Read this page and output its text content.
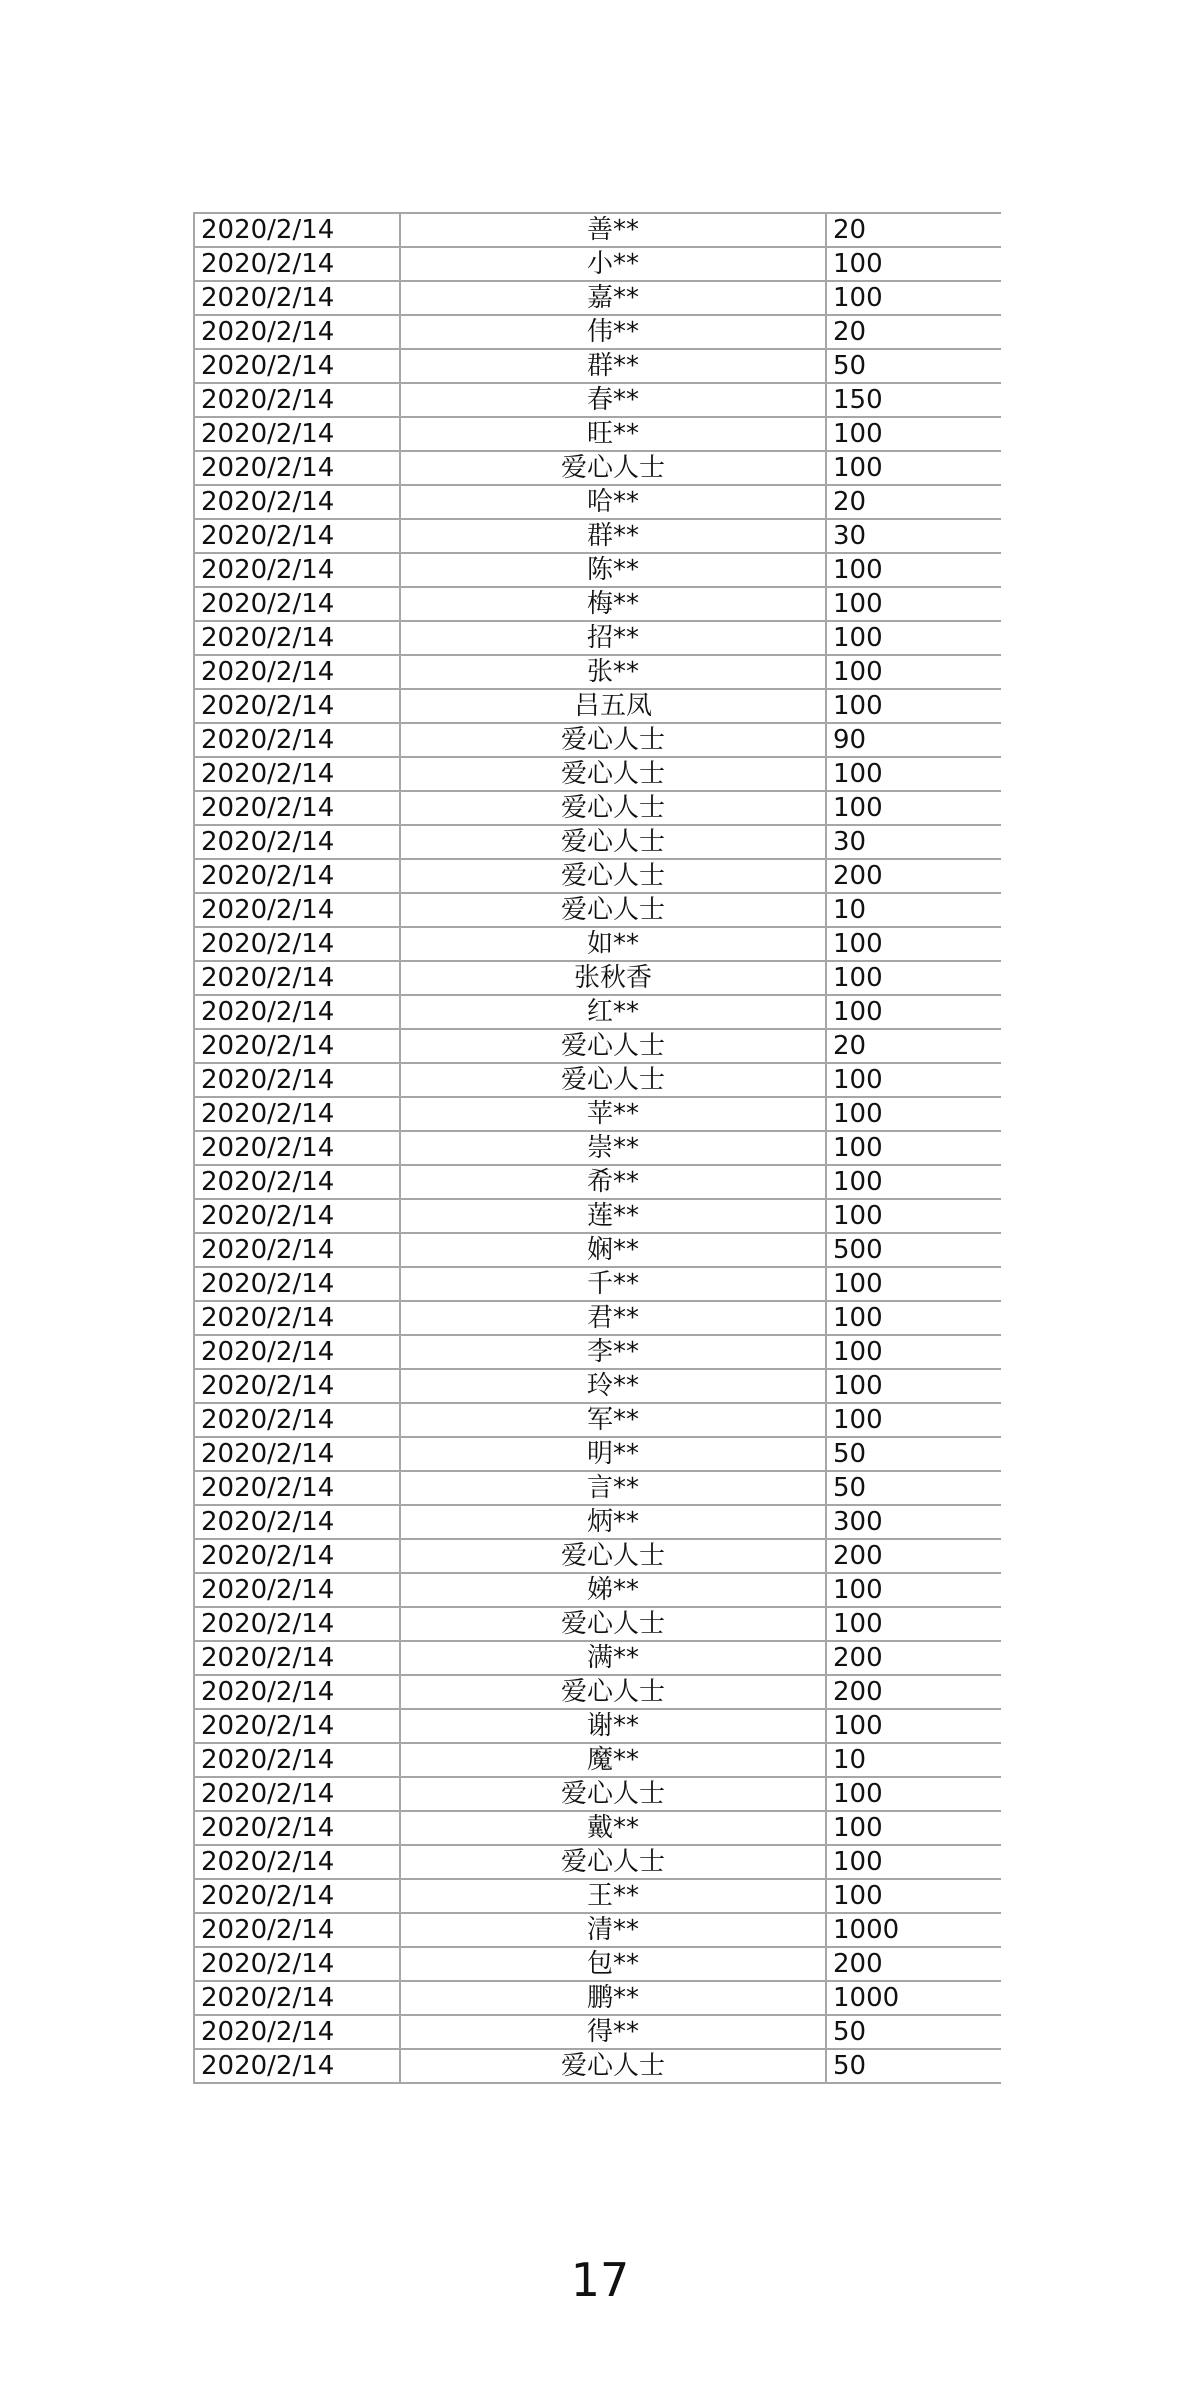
2020/2/14	善**	20
2020/2/14	小**	100
2020/2/14	嘉**	100
2020/2/14	伟**	20
2020/2/14	群**	50
2020/2/14	春**	150
2020/2/14	旺**	100
2020/2/14	爱心人士	100
2020/2/14	哈**	20
2020/2/14	群**	30
2020/2/14	陈**	100
2020/2/14	梅**	100
2020/2/14	招**	100
2020/2/14	张**	100
2020/2/14	吕五凤	100
2020/2/14	爱心人士	90
2020/2/14	爱心人士	100
2020/2/14	爱心人士	100
2020/2/14	爱心人士	30
2020/2/14	爱心人士	200
2020/2/14	爱心人士	10
2020/2/14	如**	100
2020/2/14	张秋香	100
2020/2/14	红**	100
2020/2/14	爱心人士	20
2020/2/14	爱心人士	100
2020/2/14	苹**	100
2020/2/14	崇**	100
2020/2/14	希**	100
2020/2/14	莲**	100
2020/2/14	娴**	500
2020/2/14	千**	100
2020/2/14	君**	100
2020/2/14	李**	100
2020/2/14	玲**	100
2020/2/14	军**	100
2020/2/14	明**	50
2020/2/14	言**	50
2020/2/14	炳**	300
2020/2/14	爱心人士	200
2020/2/14	娣**	100
2020/2/14	爱心人士	100
2020/2/14	满**	200
2020/2/14	爱心人士	200
2020/2/14	谢**	100
2020/2/14	魔**	10
2020/2/14	爱心人士	100
2020/2/14	戴**	100
2020/2/14	爱心人士	100
2020/2/14	王**	100
2020/2/14	清**	1000
2020/2/14	包**	200
2020/2/14	鹏**	1000
2020/2/14	得**	50
2020/2/14	爱心人士	50
17
